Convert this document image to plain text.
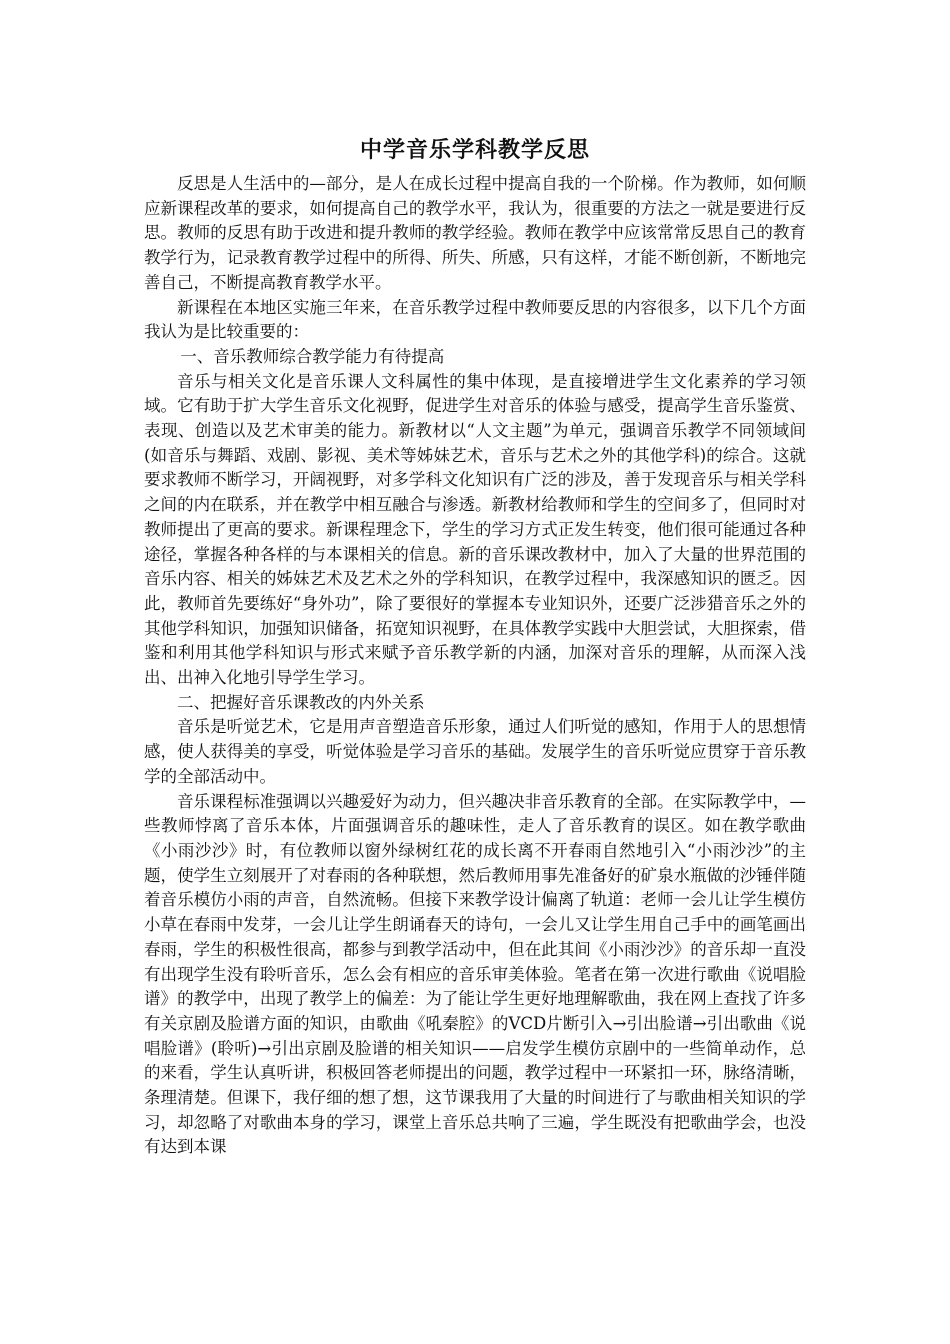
中学音乐学科教学反思

反思是人生活中的—部分，是人在成长过程中提高自我的一个阶梯。作为教师，如何顺应新课程改革的要求，如何提高自己的教学水平，我认为，很重要的方法之一就是要进行反思。教师的反思有助于改进和提升教师的教学经验。教师在教学中应该常常反思自己的教育教学行为，记录教育教学过程中的所得、所失、所感，只有这样，才能不断创新，不断地完善自己，不断提高教育教学水平。

新课程在本地区实施三年来，在音乐教学过程中教师要反思的内容很多，以下几个方面我认为是比较重要的：

一、音乐教师综合教学能力有待提高

音乐与相关文化是音乐课人文科属性的集中体现，是直接增进学生文化素养的学习领域。它有助于扩大学生音乐文化视野，促进学生对音乐的体验与感受，提高学生音乐鉴赏、表现、创造以及艺术审美的能力。新教材以“人文主题”为单元，强调音乐教学不同领域间(如音乐与舞蹈、戏剧、影视、美术等姊妹艺术，音乐与艺术之外的其他学科)的综合。这就要求教师不断学习，开阔视野，对多学科文化知识有广泛的涉及，善于发现音乐与相关学科之间的内在联系，并在教学中相互融合与渗透。新教材给教师和学生的空间多了，但同时对教师提出了更高的要求。新课程理念下，学生的学习方式正发生转变，他们很可能通过各种途径，掌握各种各样的与本课相关的信息。新的音乐课改教材中，加入了大量的世界范围的音乐内容、相关的姊妹艺术及艺术之外的学科知识，在教学过程中，我深感知识的匮乏。因此，教师首先要练好“身外功”，除了要很好的掌握本专业知识外，还要广泛涉猎音乐之外的其他学科知识，加强知识储备，拓宽知识视野，在具体教学实践中大胆尝试，大胆探索，借鉴和利用其他学科知识与形式来赋予音乐教学新的内涵，加深对音乐的理解，从而深入浅出、出神入化地引导学生学习。

二、把握好音乐课教改的内外关系

音乐是听觉艺术，它是用声音塑造音乐形象，通过人们听觉的感知，作用于人的思想情感，使人获得美的享受，听觉体验是学习音乐的基础。发展学生的音乐听觉应贯穿于音乐教学的全部活动中。

音乐课程标准强调以兴趣爱好为动力，但兴趣决非音乐教育的全部。在实际教学中，—些教师悖离了音乐本体，片面强调音乐的趣味性，走人了音乐教育的误区。如在教学歌曲《小雨沙沙》时，有位教师以窗外绿树红花的成长离不开春雨自然地引入“小雨沙沙”的主题，使学生立刻展开了对春雨的各种联想，然后教师用事先准备好的矿泉水瓶做的沙锤伴随着音乐模仿小雨的声音，自然流畅。但接下来教学设计偏离了轨道：老师一会儿让学生模仿小草在春雨中发芽，一会儿让学生朗诵春天的诗句，一会儿又让学生用自己手中的画笔画出春雨，学生的积极性很高，都参与到教学活动中，但在此其间《小雨沙沙》的音乐却一直没有出现学生没有聆听音乐，怎么会有相应的音乐审美体验。笔者在第一次进行歌曲《说唱脸谱》的教学中，出现了教学上的偏差：为了能让学生更好地理解歌曲，我在网上查找了许多有关京剧及脸谱方面的知识，由歌曲《吼秦腔》的VCD片断引入→引出脸谱→引出歌曲《说唱脸谱》(聆听)→引出京剧及脸谱的相关知识——启发学生模仿京剧中的一些简单动作，总的来看，学生认真听讲，积极回答老师提出的问题，教学过程中一环紧扣一环，脉络清晰，条理清楚。但课下，我仔细的想了想，这节课我用了大量的时间进行了与歌曲相关知识的学习，却忽略了对歌曲本身的学习，课堂上音乐总共响了三遍，学生既没有把歌曲学会，也没有达到本课
